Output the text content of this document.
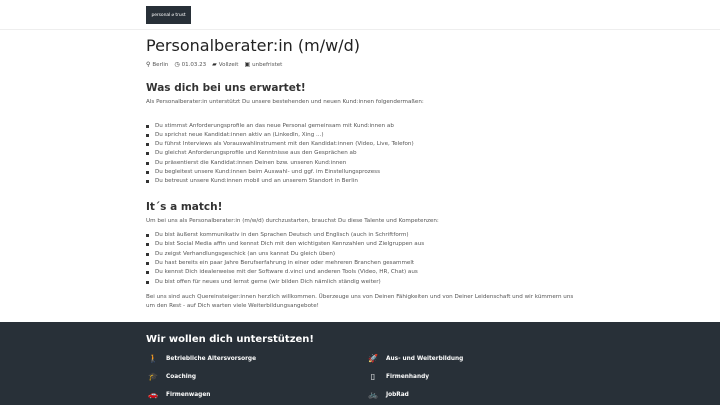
personal ⌀ trust
Personalberater:in (m/w/d)
⚲ Berlin ◷ 01.03.23 ▰ Vollzeit ▣ unbefristet
Was dich bei uns erwartet!

Als Personalberater:in unterstützt Du unsere bestehenden und neuen Kund:innen folgendermaßen:

Du stimmst Anforderungsprofile an das neue Personal gemeinsam mit Kund:innen ab
Du sprichst neue Kandidat:innen aktiv an (LinkedIn, Xing ...)
Du führst Interviews als Vorauswahlinstrument mit den Kandidat:innen (Video, Live, Telefon)
Du gleichst Anforderungsprofile und Kenntnisse aus den Gesprächen ab
Du präsentierst die Kandidat:innen Deinen bzw. unseren Kund:innen
Du begleitest unsere Kund:innen beim Auswahl- und ggf. im Einstellungsprozess
Du betreust unsere Kund:innen mobil und an unserem Standort in Berlin
It´s a match!

Um bei uns als Personalberater:in (m/w/d) durchzustarten, brauchst Du diese Talente und Kompetenzen:

Du bist äußerst kommunikativ in den Sprachen Deutsch und Englisch (auch in Schriftform)
Du bist Social Media affin und kennst Dich mit den wichtigsten Kennzahlen und Zielgruppen aus
Du zeigst Verhandlungsgeschick (an uns kannst Du gleich üben)
Du hast bereits ein paar Jahre Berufserfahrung in einer oder mehreren Branchen gesammelt
Du kennst Dich idealerweise mit der Software d.vinci und anderen Tools (Video, HR, Chat) aus
Du bist offen für neues und lernst gerne (wir bilden Dich nämlich ständig weiter)

Bei uns sind auch Quereinsteiger:innen herzlich willkommen. Überzeuge uns von Deinen Fähigkeiten und von Deiner Leidenschaft und wir kümmern uns um den Rest - auf Dich warten viele Weiterbildungsangebote!

Wir wollen dich unterstützen!
🚶	Betriebliche Altersvorsorge	🚀	Aus- und Weiterbildung
🎓	Coaching	▯	Firmenhandy
🚗	Firmenwagen	🚲	JobRad
